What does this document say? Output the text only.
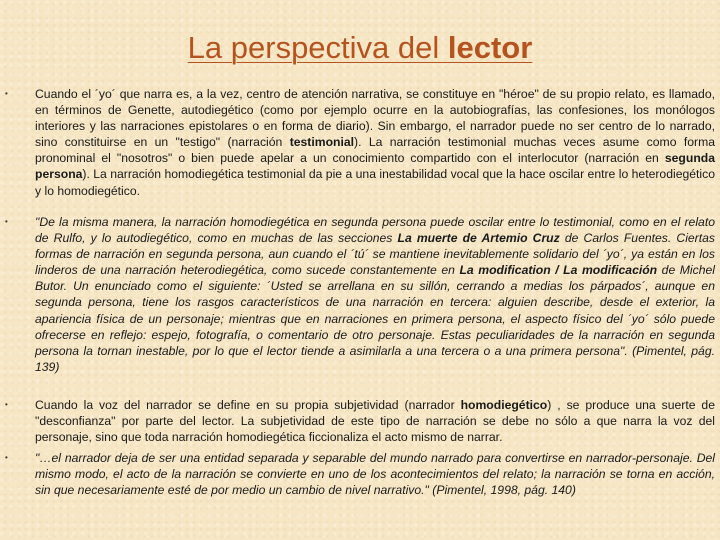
La perspectiva del lector
• Cuando el ´yo´ que narra es, a la vez, centro de atención narrativa, se constituye en "héroe" de su propio relato, es llamado, en términos de Genette, autodiegético (como por ejemplo ocurre en la autobiografías, las confesiones, los monólogos interiores y las narraciones epistolares o en forma de diario). Sin embargo, el narrador puede no ser centro de lo narrado, sino constituirse en un "testigo" (narración testimonial). La narración testimonial muchas veces asume como forma pronominal el "nosotros" o bien puede apelar a un conocimiento compartido con el interlocutor (narración en segunda persona). La narración homodiegética testimonial da pie a una inestabilidad vocal que la hace oscilar entre lo heterodiegético y lo homodiegético.
• "De la misma manera, la narración homodiegética en segunda persona puede oscilar entre lo testimonial, como en el relato de Rulfo, y lo autodiegético, como en muchas de las secciones La muerte de Artemio Cruz de Carlos Fuentes. Ciertas formas de narración en segunda persona, aun cuando el ´tú´ se mantiene inevitablemente solidario del ´yo´, ya están en los linderos de una narración heterodiegética, como sucede constantemente en La modification / La modificación de Michel Butor. Un enunciado como el siguiente: ´Usted se arrellana en su sillón, cerrando a medias los párpados´, aunque en segunda persona, tiene los rasgos característicos de una narración en tercera: alguien describe, desde el exterior, la apariencia física de un personaje; mientras que en narraciones en primera persona, el aspecto físico del ´yo´ sólo puede ofrecerse en reflejo: espejo, fotografía, o comentario de otro personaje. Estas peculiaridades de la narración en segunda persona la tornan inestable, por lo que el lector tiende a asimilarla a una tercera o a una primera persona". (Pimentel, pág. 139)
• Cuando la voz del narrador se define en su propia subjetividad (narrador homodiegético) , se produce una suerte de "desconfianza" por parte del lector. La subjetividad de este tipo de narración se debe no sólo a que narra la voz del personaje, sino que toda narración homodiegética ficcionaliza el acto mismo de narrar.
• "…el narrador deja de ser una entidad separada y separable del mundo narrado para convertirse en narrador-personaje. Del mismo modo, el acto de la narración se convierte en uno de los acontecimientos del relato; la narración se torna en acción, sin que necesariamente esté de por medio un cambio de nivel narrativo." (Pimentel, 1998, pág. 140)
